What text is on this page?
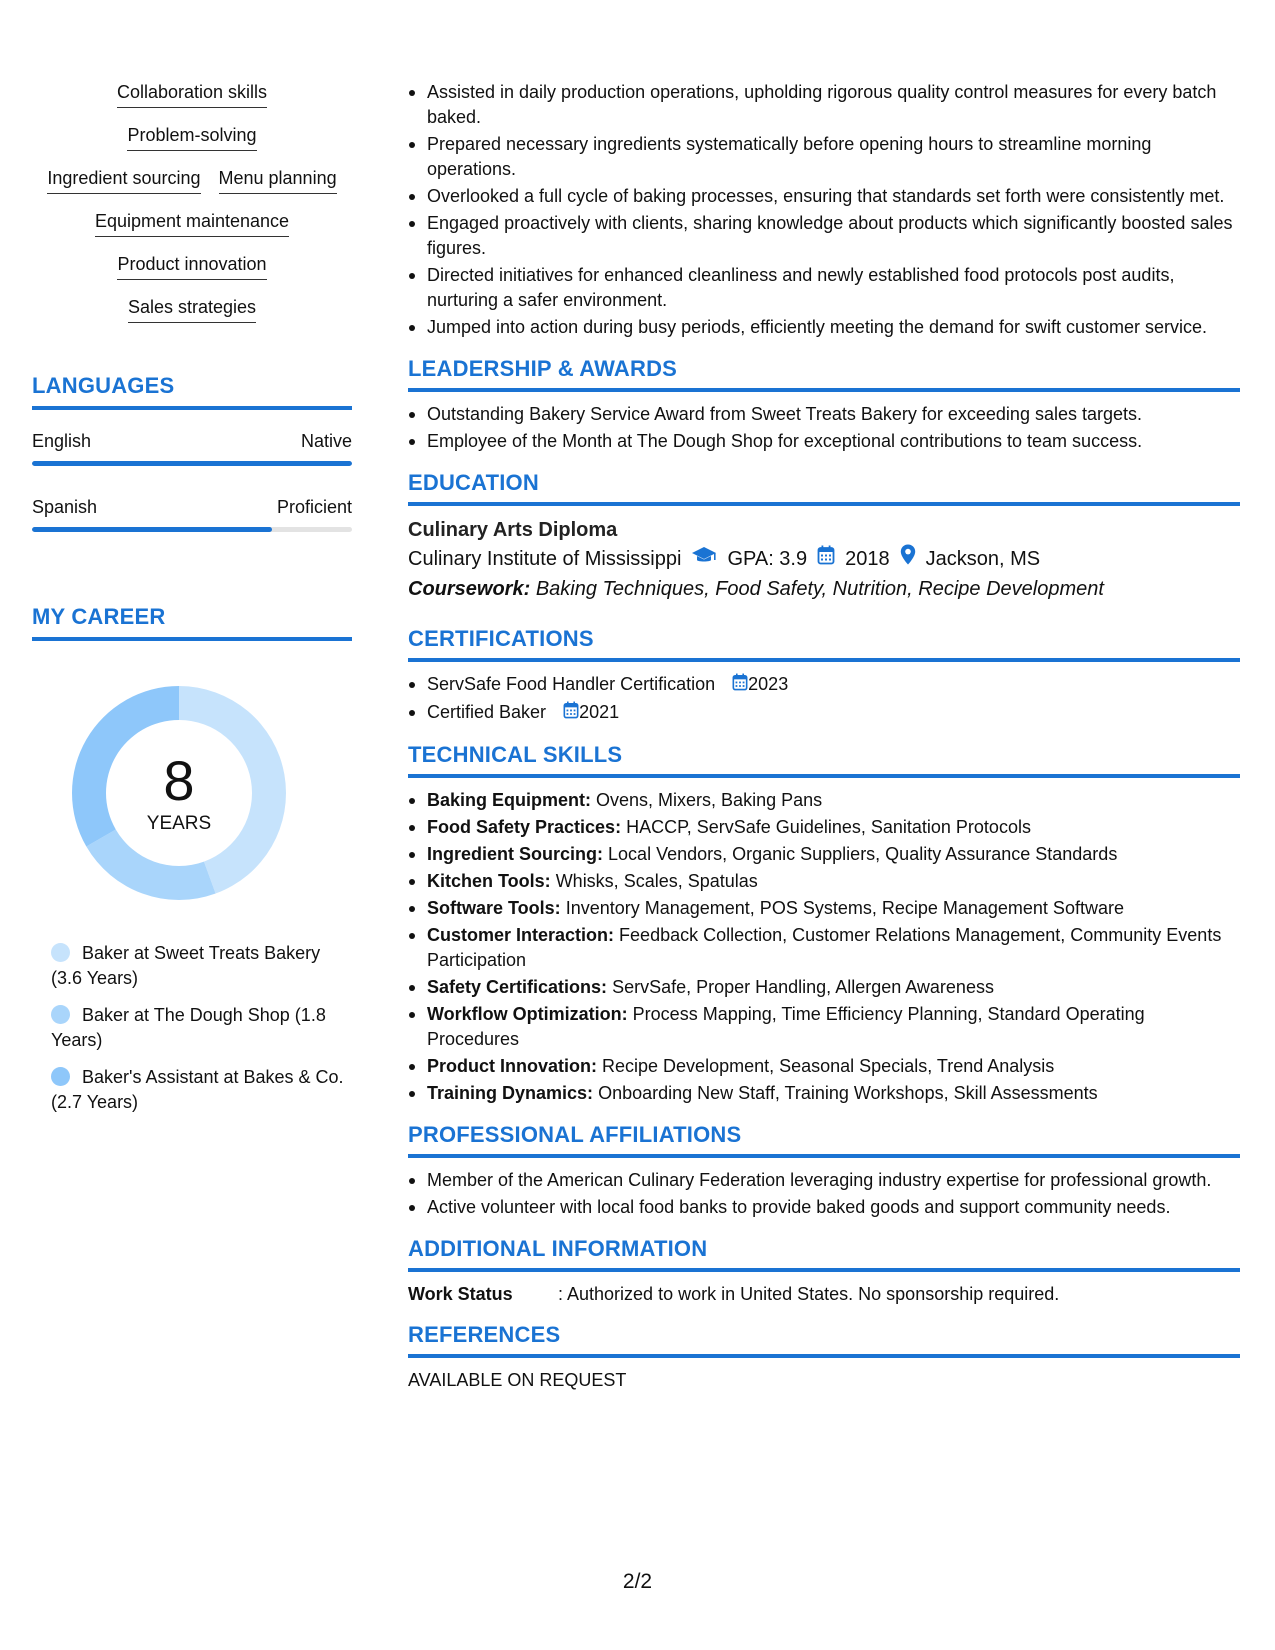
Collaboration skills
Problem-solving
Ingredient sourcing Menu planning
Equipment maintenance
Product innovation
Sales strategies
LANGUAGES
English	Native
Spanish	Proficient
MY CAREER
8
YEARS
Baker at Sweet Treats Bakery (3.6 Years)
Baker at The Dough Shop (1.8 Years)
Baker's Assistant at Bakes & Co. (2.7 Years)
Assisted in daily production operations, upholding rigorous quality control measures for every batch baked.
Prepared necessary ingredients systematically before opening hours to streamline morning operations.
Overlooked a full cycle of baking processes, ensuring that standards set forth were consistently met.
Engaged proactively with clients, sharing knowledge about products which significantly boosted sales figures.
Directed initiatives for enhanced cleanliness and newly established food protocols post audits, nurturing a safer environment.
Jumped into action during busy periods, efficiently meeting the demand for swift customer service.
LEADERSHIP & AWARDS
Outstanding Bakery Service Award from Sweet Treats Bakery for exceeding sales targets.
Employee of the Month at The Dough Shop for exceptional contributions to team success.
EDUCATION
Culinary Arts Diploma
Culinary Institute of Mississippi GPA: 3.9 2018 Jackson, MS
Coursework: Baking Techniques, Food Safety, Nutrition, Recipe Development
CERTIFICATIONS
ServSafe Food Handler Certification 2023
Certified Baker 2021
TECHNICAL SKILLS
Baking Equipment: Ovens, Mixers, Baking Pans
Food Safety Practices: HACCP, ServSafe Guidelines, Sanitation Protocols
Ingredient Sourcing: Local Vendors, Organic Suppliers, Quality Assurance Standards
Kitchen Tools: Whisks, Scales, Spatulas
Software Tools: Inventory Management, POS Systems, Recipe Management Software
Customer Interaction: Feedback Collection, Customer Relations Management, Community Events Participation
Safety Certifications: ServSafe, Proper Handling, Allergen Awareness
Workflow Optimization: Process Mapping, Time Efficiency Planning, Standard Operating Procedures
Product Innovation: Recipe Development, Seasonal Specials, Trend Analysis
Training Dynamics: Onboarding New Staff, Training Workshops, Skill Assessments
PROFESSIONAL AFFILIATIONS
Member of the American Culinary Federation leveraging industry expertise for professional growth.
Active volunteer with local food banks to provide baked goods and support community needs.
ADDITIONAL INFORMATION
Work Status	: Authorized to work in United States. No sponsorship required.
REFERENCES
AVAILABLE ON REQUEST
2/2
